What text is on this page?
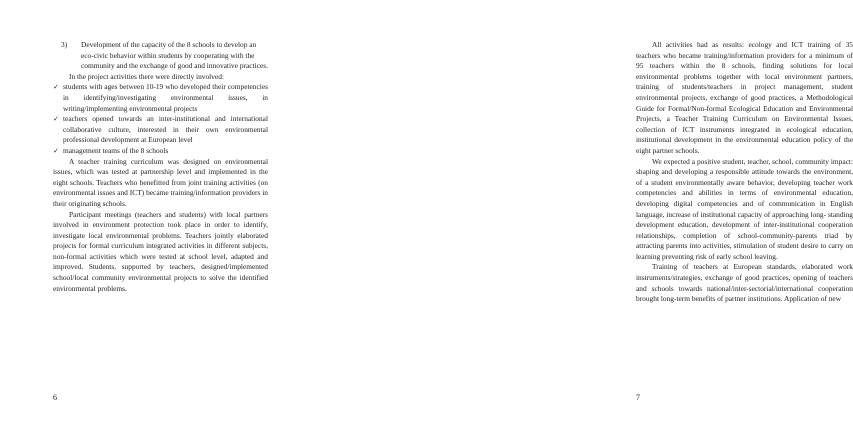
3)	Development of the capacity of the 8 schools to develop an eco-civic behavior within students by cooperating with the community and the exchange of good and innovative practices.

In the project activities there were directly involved:

✓ students with ages between 10-19 who developed their competencies in identifying/investigating environmental issues, in writing/implementing environmental projects
✓ teachers opened towards an inter-institutional and international collaborative culture, interested in their own environmental professional development at European level
✓ management teams of the 8 schools

A teacher training curriculum was designed on environmental issues, which was tested at partnership level and implemented in the eight schools. Teachers who benefitted from joint training activities (on environmental issues and ICT) became training/information providers in their originating schools.

Participant meetings (teachers and students) with local partners involved in environment protection took place in order to identify, investigate local environmental problems. Teachers jointly elaborated projects for formal curriculum integrated activities in different subjects, non-formal activities which were tested at school level, adapted and improved. Students, supported by teachers, designed/implemented school/local community environmental projects to solve the identified environmental problems.

6

All activities had as results: ecology and ICT training of 35 teachers who became training/information providers for a minimum of 95 teachers within the 8 schools, finding solutions for local environmental problems together with local environment partners, training of students/teachers in project management, student environmental projects, exchange of good practices, a Methodological Guide for Formal/Non-formal Ecological Education and Environmental Projects, a Teacher Training Curriculum on Environmental Issues, collection of ICT instruments integrated in ecological education, institutional development in the environmental education policy of the eight partner schools.

We expected a positive student, teacher, school, community impact: shaping and developing a responsible attitude towards the environment, of a student environmentally aware behavior, developing teacher work competencies and abilities in terms of environmental education, developing digital competencies and of communication in English language, increase of institutional capacity of approaching long- standing development education, development of inter-institutional cooperation relationships, completion of school-community-parents triad by attracting parents into activities, stimulation of student desire to carry on learning preventing risk of early school leaving.

Training of teachers at European standards, elaborated work instruments/strategies, exchange of good practices, opening of teachers and schools towards national/inter-sectorial/international cooperation brought long-term benefits of partner institutions. Application of new

7
